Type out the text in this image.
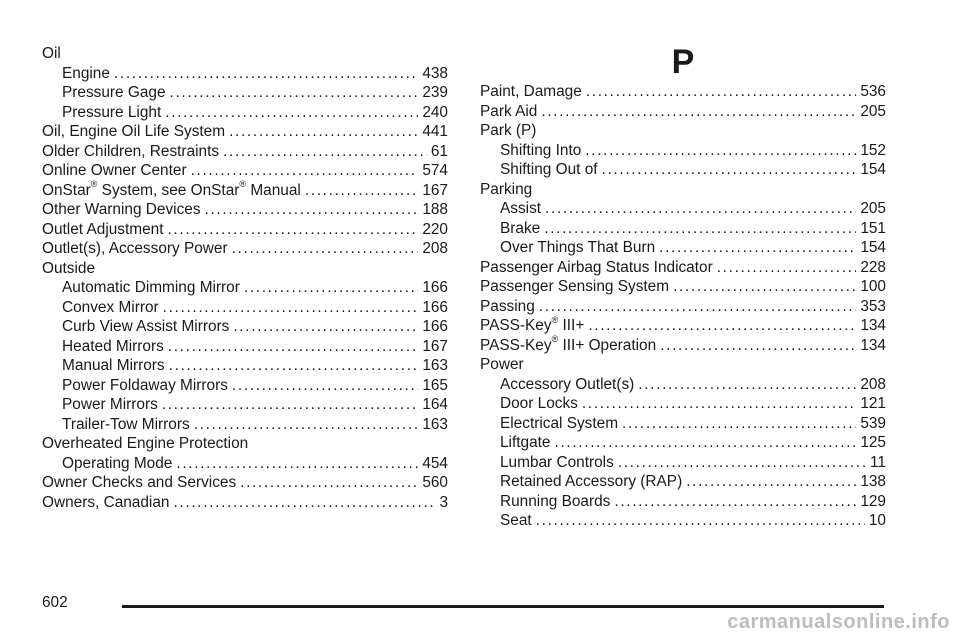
Oil
Engine . . .	438
Pressure Gage . . .	239
Pressure Light . . .	240
Oil, Engine Oil Life System . . .	441
Older Children, Restraints . . .	61
Online Owner Center . . .	574
OnStar® System, see OnStar® Manual . . .	167
Other Warning Devices . . .	188
Outlet Adjustment . . .	220
Outlet(s), Accessory Power . . .	208
Outside
Automatic Dimming Mirror . . .	166
Convex Mirror . . .	166
Curb View Assist Mirrors . . .	166
Heated Mirrors . . .	167
Manual Mirrors . . .	163
Power Foldaway Mirrors . . .	165
Power Mirrors . . .	164
Trailer-Tow Mirrors . . .	163
Overheated Engine Protection
Operating Mode . . .	454
Owner Checks and Services . . .	560
Owners, Canadian . . .	3
P
Paint, Damage . . .	536
Park Aid . . .	205
Park (P)
Shifting Into . . .	152
Shifting Out of . . .	154
Parking
Assist . . .	205
Brake . . .	151
Over Things That Burn . . .	154
Passenger Airbag Status Indicator . . .	228
Passenger Sensing System . . .	100
Passing . . .	353
PASS-Key® III+ . . .	134
PASS-Key® III+ Operation . . .	134
Power
Accessory Outlet(s) . . .	208
Door Locks . . .	121
Electrical System . . .	539
Liftgate . . .	125
Lumbar Controls . . .	11
Retained Accessory (RAP) . . .	138
Running Boards . . .	129
Seat . . .	10
602
carmanualsonline.info
